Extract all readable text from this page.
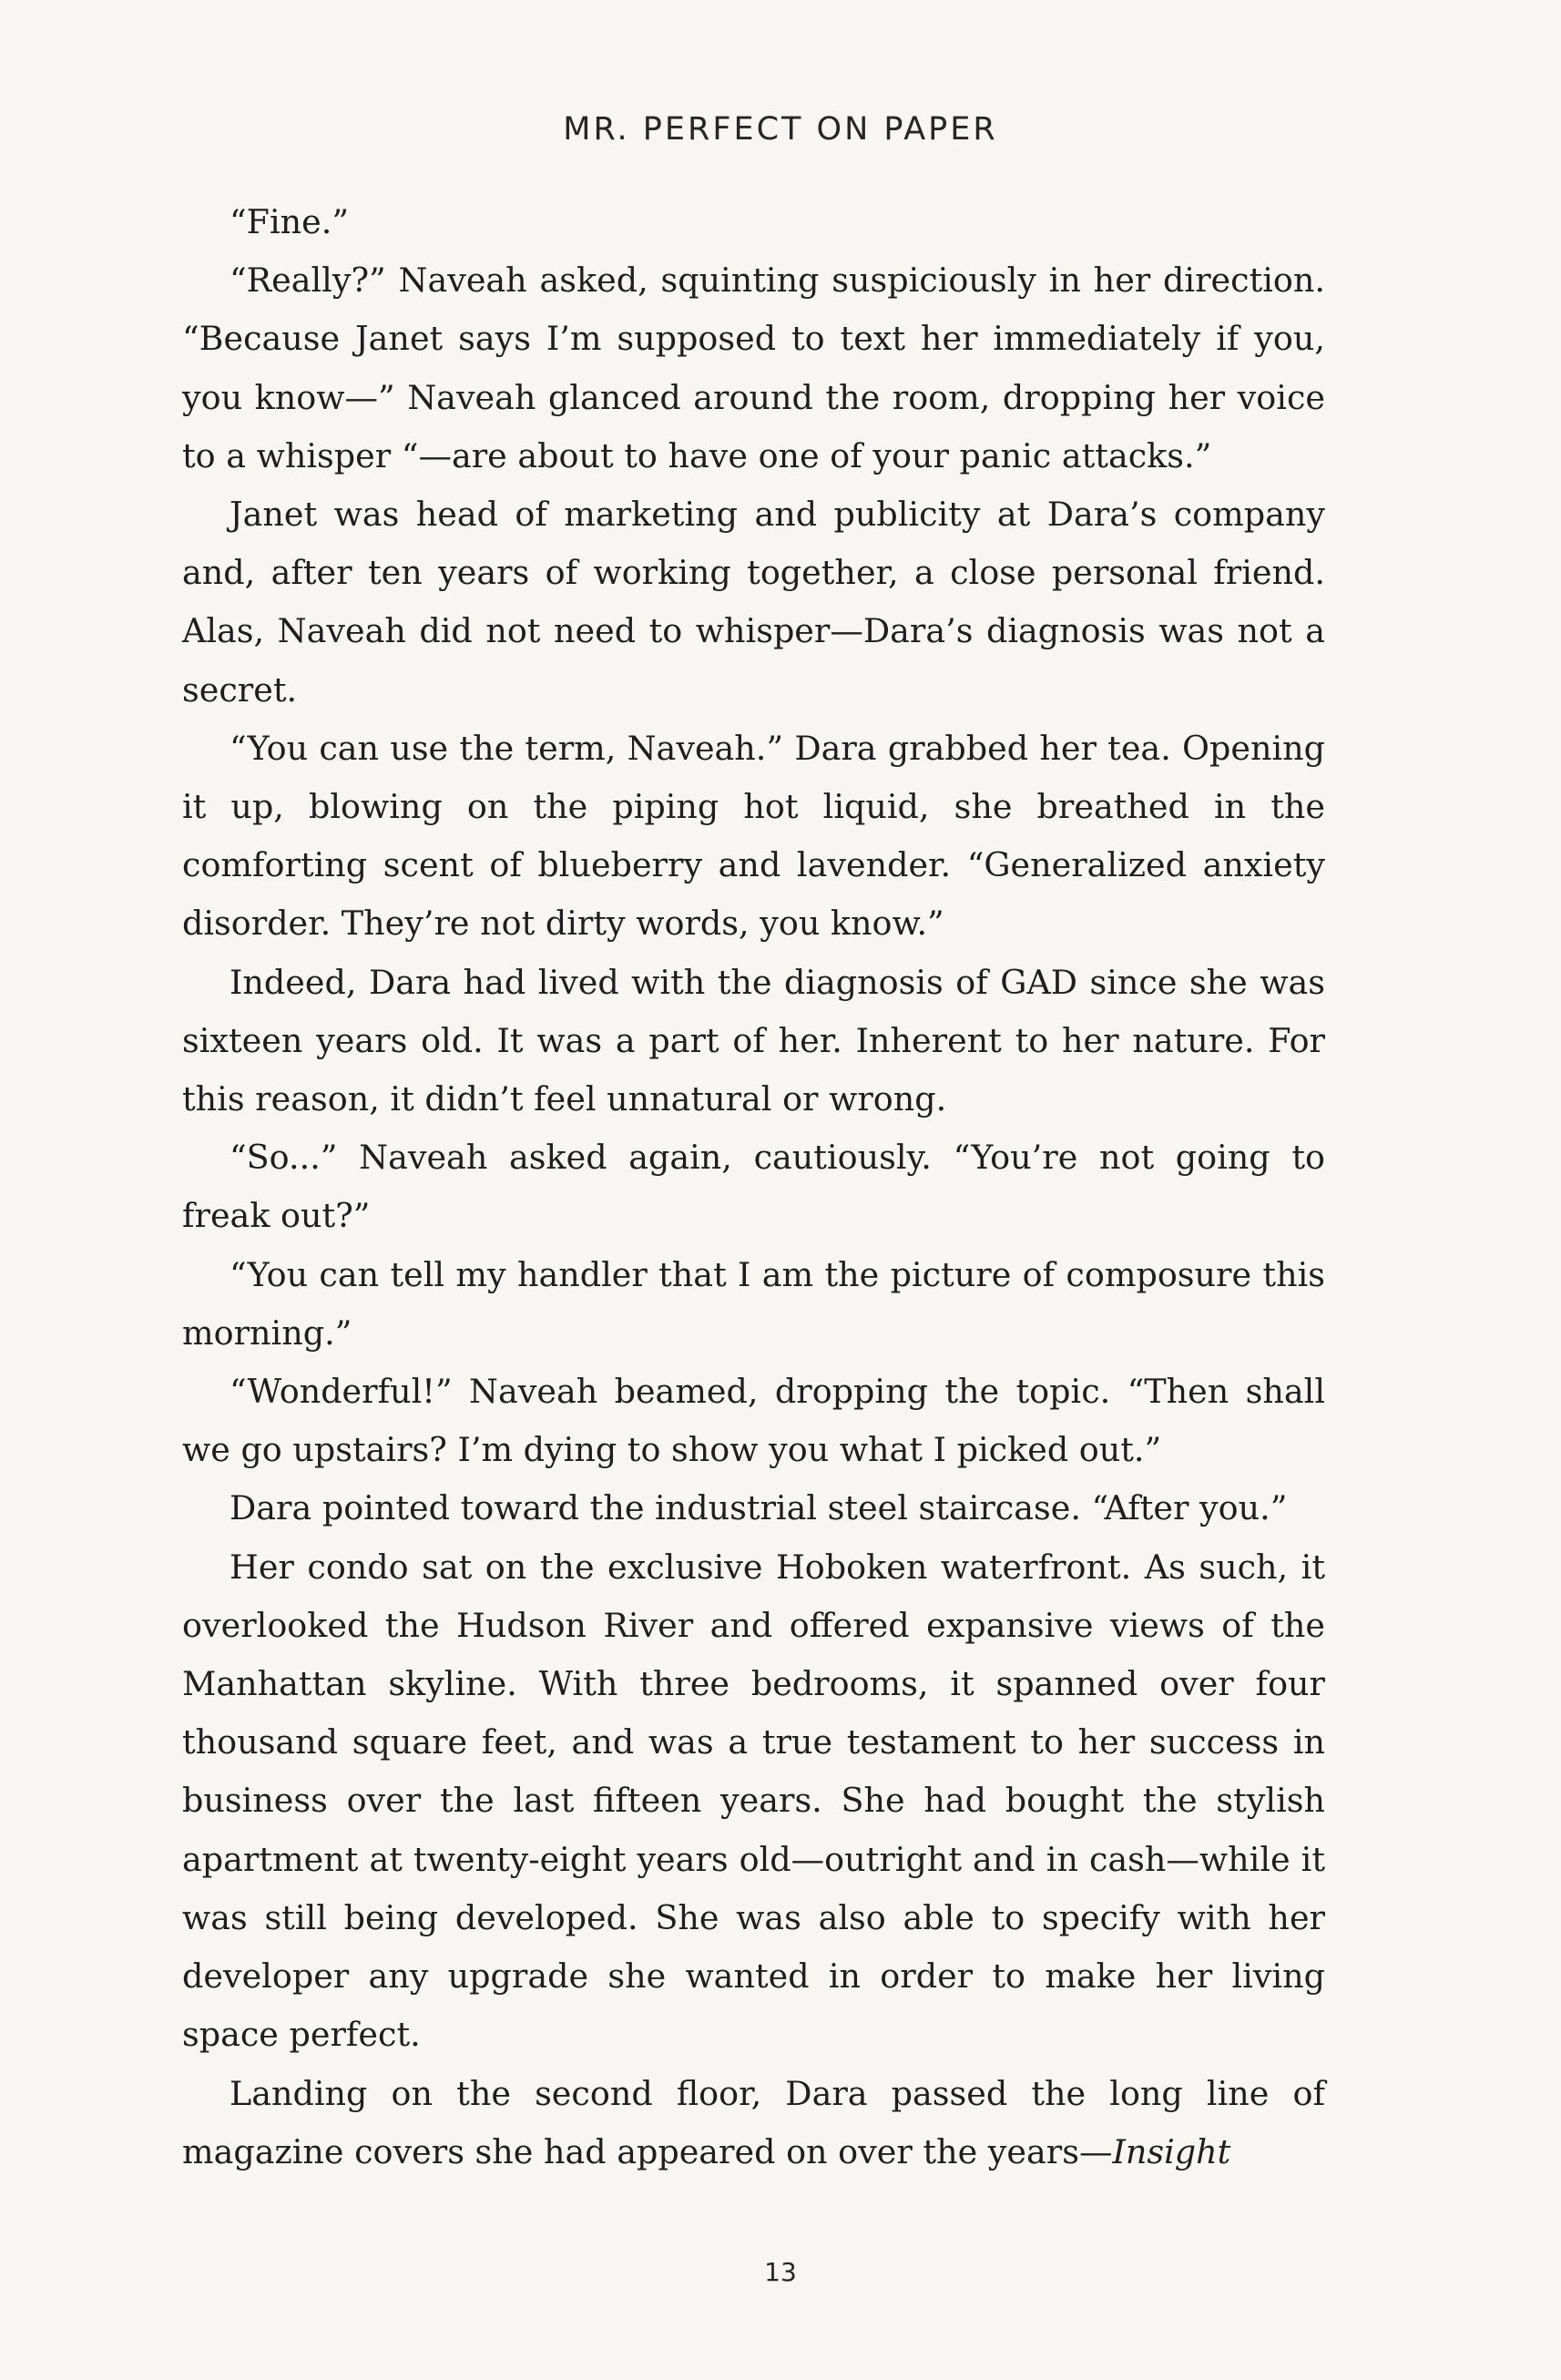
MR. PERFECT ON PAPER

“Fine.”

“Really?” Naveah asked, squinting suspiciously in her direction. “Because Janet says I’m supposed to text her immediately if you, you know—” Naveah glanced around the room, dropping her voice to a whisper “—are about to have one of your panic attacks.”

Janet was head of marketing and publicity at Dara’s company and, after ten years of working together, a close personal friend. Alas, Naveah did not need to whisper—Dara’s diagnosis was not a secret.

“You can use the term, Naveah.” Dara grabbed her tea. Opening it up, blowing on the piping hot liquid, she breathed in the comforting scent of blueberry and lavender. “Generalized anxiety disorder. They’re not dirty words, you know.”

Indeed, Dara had lived with the diagnosis of GAD since she was sixteen years old. It was a part of her. Inherent to her nature. For this reason, it didn’t feel unnatural or wrong.

“So...” Naveah asked again, cautiously. “You’re not going to freak out?”

“You can tell my handler that I am the picture of composure this morning.”

“Wonderful!” Naveah beamed, dropping the topic. “Then shall we go upstairs? I’m dying to show you what I picked out.”

Dara pointed toward the industrial steel staircase. “After you.”

Her condo sat on the exclusive Hoboken waterfront. As such, it overlooked the Hudson River and offered expansive views of the Manhattan skyline. With three bedrooms, it spanned over four thousand square feet, and was a true testament to her success in business over the last fifteen years. She had bought the stylish apartment at twenty-eight years old—outright and in cash—while it was still being developed. She was also able to specify with her developer any upgrade she wanted in order to make her living space perfect.

Landing on the second floor, Dara passed the long line of magazine covers she had appeared on over the years—Insight

13
